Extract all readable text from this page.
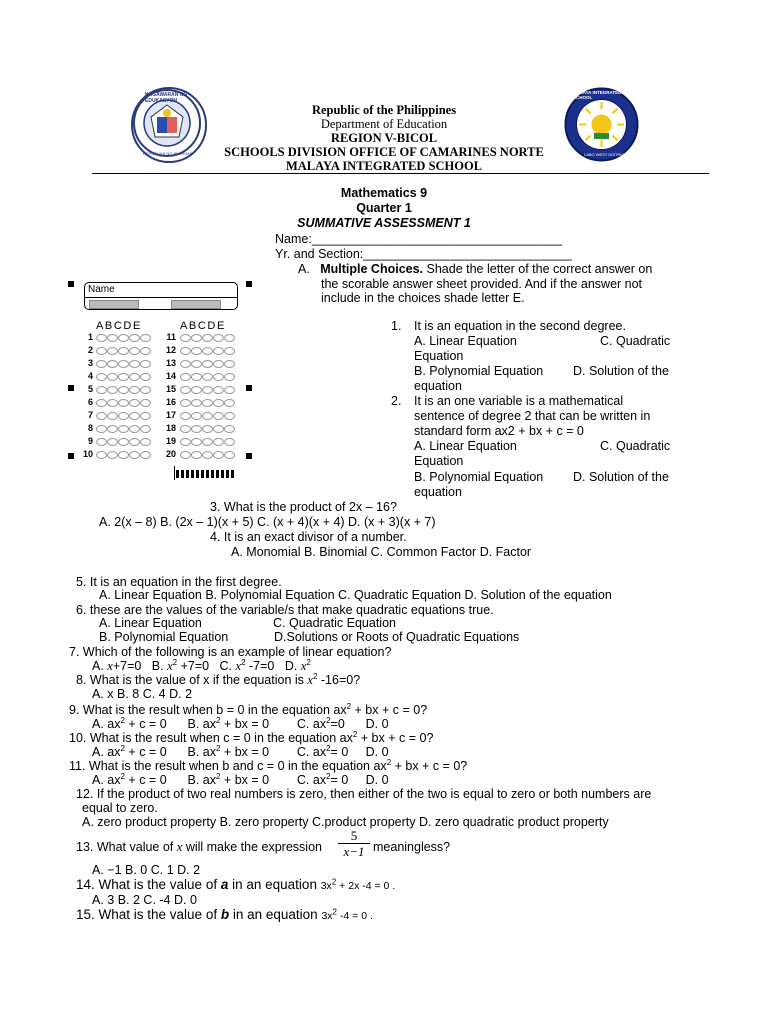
KAGAWARAN NG EDUKASYON
REPUBLIKA NG PILIPINAS
MALAYA INTEGRATED SCHOOL
LABO WEST DISTRICT
Republic of the Philippines
Department of Education
REGION V-BICOL
SCHOOLS DIVISION OFFICE OF CAMARINES NORTE
MALAYA INTEGRATED SCHOOL
Mathematics 9
Quarter 1
SUMMATIVE ASSESSMENT 1
Name:____________________________________
Yr. and Section:______________________________
Name
ABCDE	ABCDE
1
2
3
4
5
6
7
8
9
10
11
12
13
14
15
16
17
18
19
20
A. Multiple Choices. Shade the letter of the correct answer on
the scorable answer sheet provided. And if the answer not
include in the choices shade letter E.
1. It is an equation in the second degree.
A. Linear Equation	C. Quadratic
Equation
B. Polynomial Equation D. Solution of the
equation
2. It is an one variable is a mathematical
sentence of degree 2 that can be written in
standard form ax2 + bx + c = 0
A. Linear Equation	C. Quadratic
Equation
B. Polynomial Equation D. Solution of the
equation
3. What is the product of 2x – 16?
A. 2(x – 8) B. (2x – 1)(x + 5) C. (x + 4)(x + 4) D. (x + 3)(x + 7)
4. It is an exact divisor of a number.
A. Monomial B. Binomial C. Common Factor D. Factor
5. It is an equation in the first degree.
A. Linear Equation B. Polynomial Equation C. Quadratic Equation D. Solution of the equation
6. these are the values of the variable/s that make quadratic equations true.
A. Linear Equation	C. Quadratic Equation
B. Polynomial Equation	D.Solutions or Roots of Quadratic Equations
7. Which of the following is an example of linear equation?
A. x+7=0 B. $x^2 +7=0$ C. $x^2$ -7=0 D. $x^2$
8. What is the value of x if the equation is $x^2$ -16=0?
A. x B. 8 C. 4 D. 2
9. What is the result when b = 0 in the equation $ax^2$ + bx + c = 0?
A. $ax^2 + c = 0$ B. $ax^2$ + bx = 0 C. $ax^2=0$ D. 0
10. What is the result when c = 0 in the equation $ax^2$ + bx + c = 0?
A. $ax^2 + c = 0$ B. $ax^2$ + bx = 0 C. $ax^2= 0$ D. 0
11. What is the result when b and c = 0 in the equation $ax^2$ + bx + c = 0?
A. $ax^2 + c = 0$ B. $ax^2$ + bx = 0 C. $ax^2= 0$ D. 0
12. If the product of two real numbers is zero, then either of the two is equal to zero or both numbers are
equal to zero.
A. zero product property B. zero property C.product property D. zero quadratic product property
13. What value of x will make the expression
5
x−1 meaningless?
A. −1 B. 0 C. 1 D. 2
14. What is the value of a in an equation $3x^2 + 2x$ -4 = 0 .
A. 3 B. 2 C. -4 D. 0
15. What is the value of b in an equation $3x^2$ -4 = 0 .
